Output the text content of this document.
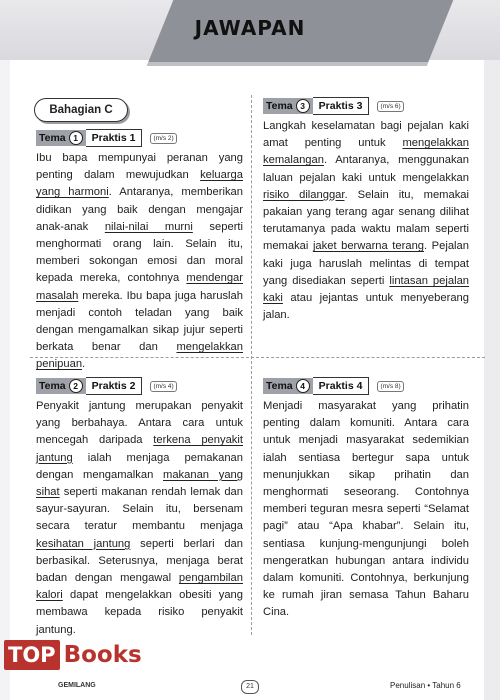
JAWAPAN
Bahagian C
Tema 1	Praktis 1	(m/s 2)
Ibu bapa mempunyai peranan yang penting dalam mewujudkan keluarga yang harmoni. Antaranya, memberikan didikan yang baik dengan mengajar anak-anak nilai-nilai murni seperti menghormati orang lain. Selain itu, memberi sokongan emosi dan moral kepada mereka, contohnya mendengar masalah mereka. Ibu bapa juga haruslah menjadi contoh teladan yang baik dengan mengamalkan sikap jujur seperti berkata benar dan mengelakkan penipuan.
Tema 3	Praktis 3	(m/s 6)
Langkah keselamatan bagi pejalan kaki amat penting untuk mengelakkan kemalangan. Antaranya, menggunakan laluan pejalan kaki untuk mengelakkan risiko dilanggar. Selain itu, memakai pakaian yang terang agar senang dilihat terutamanya pada waktu malam seperti memakai jaket berwarna terang. Pejalan kaki juga haruslah melintas di tempat yang disediakan seperti lintasan pejalan kaki atau jejantas untuk menyeberang jalan.
Tema 2	Praktis 2	(m/s 4)
Penyakit jantung merupakan penyakit yang berbahaya. Antara cara untuk mencegah daripada terkena penyakit jantung ialah menjaga pemakanan dengan mengamalkan makanan yang sihat seperti makanan rendah lemak dan sayur-sayuran. Selain itu, bersenam secara teratur membantu menjaga kesihatan jantung seperti berlari dan berbasikal. Seterusnya, menjaga berat badan dengan mengawal pengambilan kalori dapat mengelakkan obesiti yang membawa kepada risiko penyakit jantung.
Tema 4	Praktis 4	(m/s 8)
Menjadi masyarakat yang prihatin penting dalam komuniti. Antara cara untuk menjadi masyarakat sedemikian ialah sentiasa bertegur sapa untuk menunjukkan sikap prihatin dan menghormati seseorang. Contohnya memberi teguran mesra seperti “Selamat pagi” atau “Apa khabar”. Selain itu, sentiasa kunjung-mengunjungi boleh mengeratkan hubungan antara individu dalam komuniti. Contohnya, berkunjung ke rumah jiran semasa Tahun Baharu Cina.
TOP Books
GEMILANG	21	Penulisan • Tahun 6
